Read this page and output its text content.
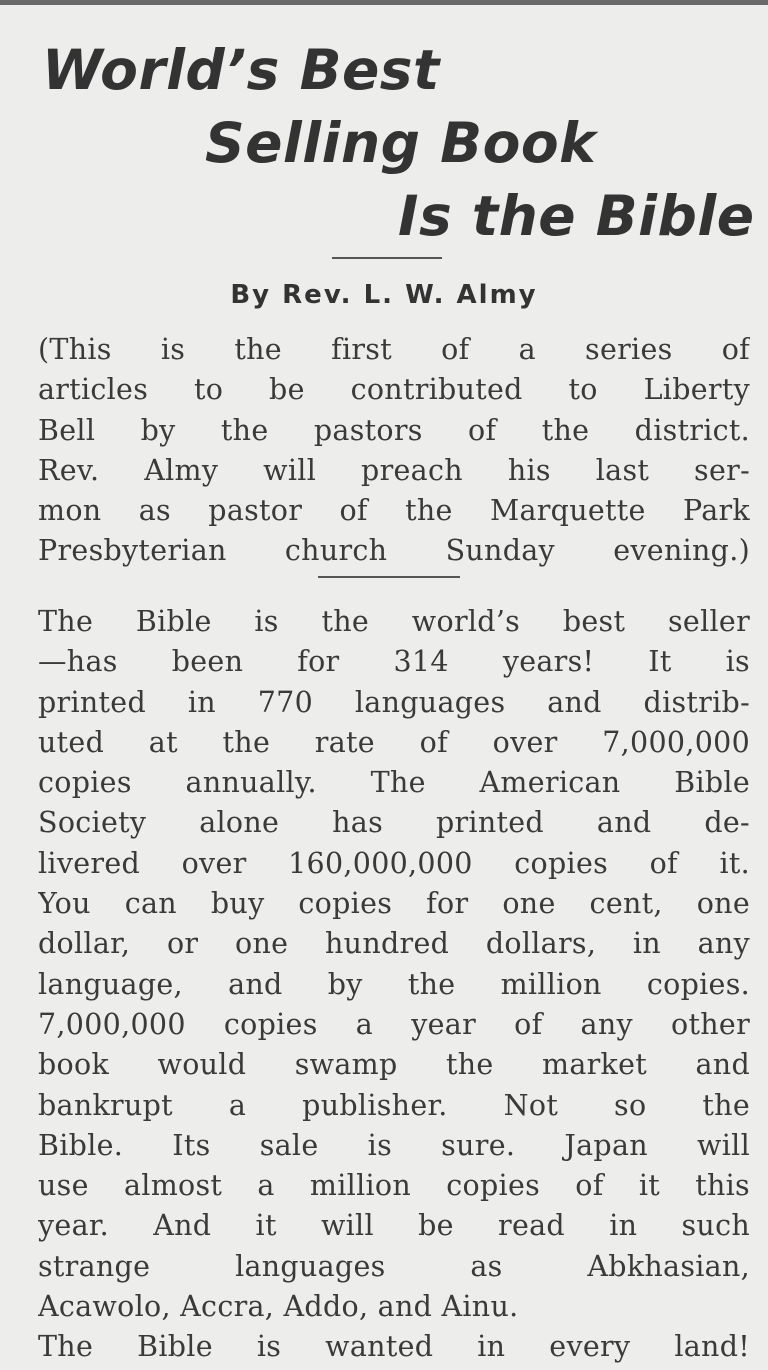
World’s Best
Selling Book
Is the Bible
By Rev. L. W. Almy
(This is the first of a series of
articles to be contributed to Liberty
Bell by the pastors of the district.
Rev. Almy will preach his last ser-
mon as pastor of the Marquette Park
Presbyterian church Sunday evening.)
The Bible is the world’s best seller
—has been for 314 years! It is
printed in 770 languages and distrib-
uted at the rate of over 7,000,000
copies annually. The American Bible
Society alone has printed and de-
livered over 160,000,000 copies of it.
You can buy copies for one cent, one
dollar, or one hundred dollars, in any
language, and by the million copies.
7,000,000 copies a year of any other
book would swamp the market and
bankrupt a publisher. Not so the
Bible. Its sale is sure. Japan will
use almost a million copies of it this
year. And it will be read in such
strange languages as Abkhasian,
Acawolo, Accra, Addo, and Ainu.
The Bible is wanted in every land!
